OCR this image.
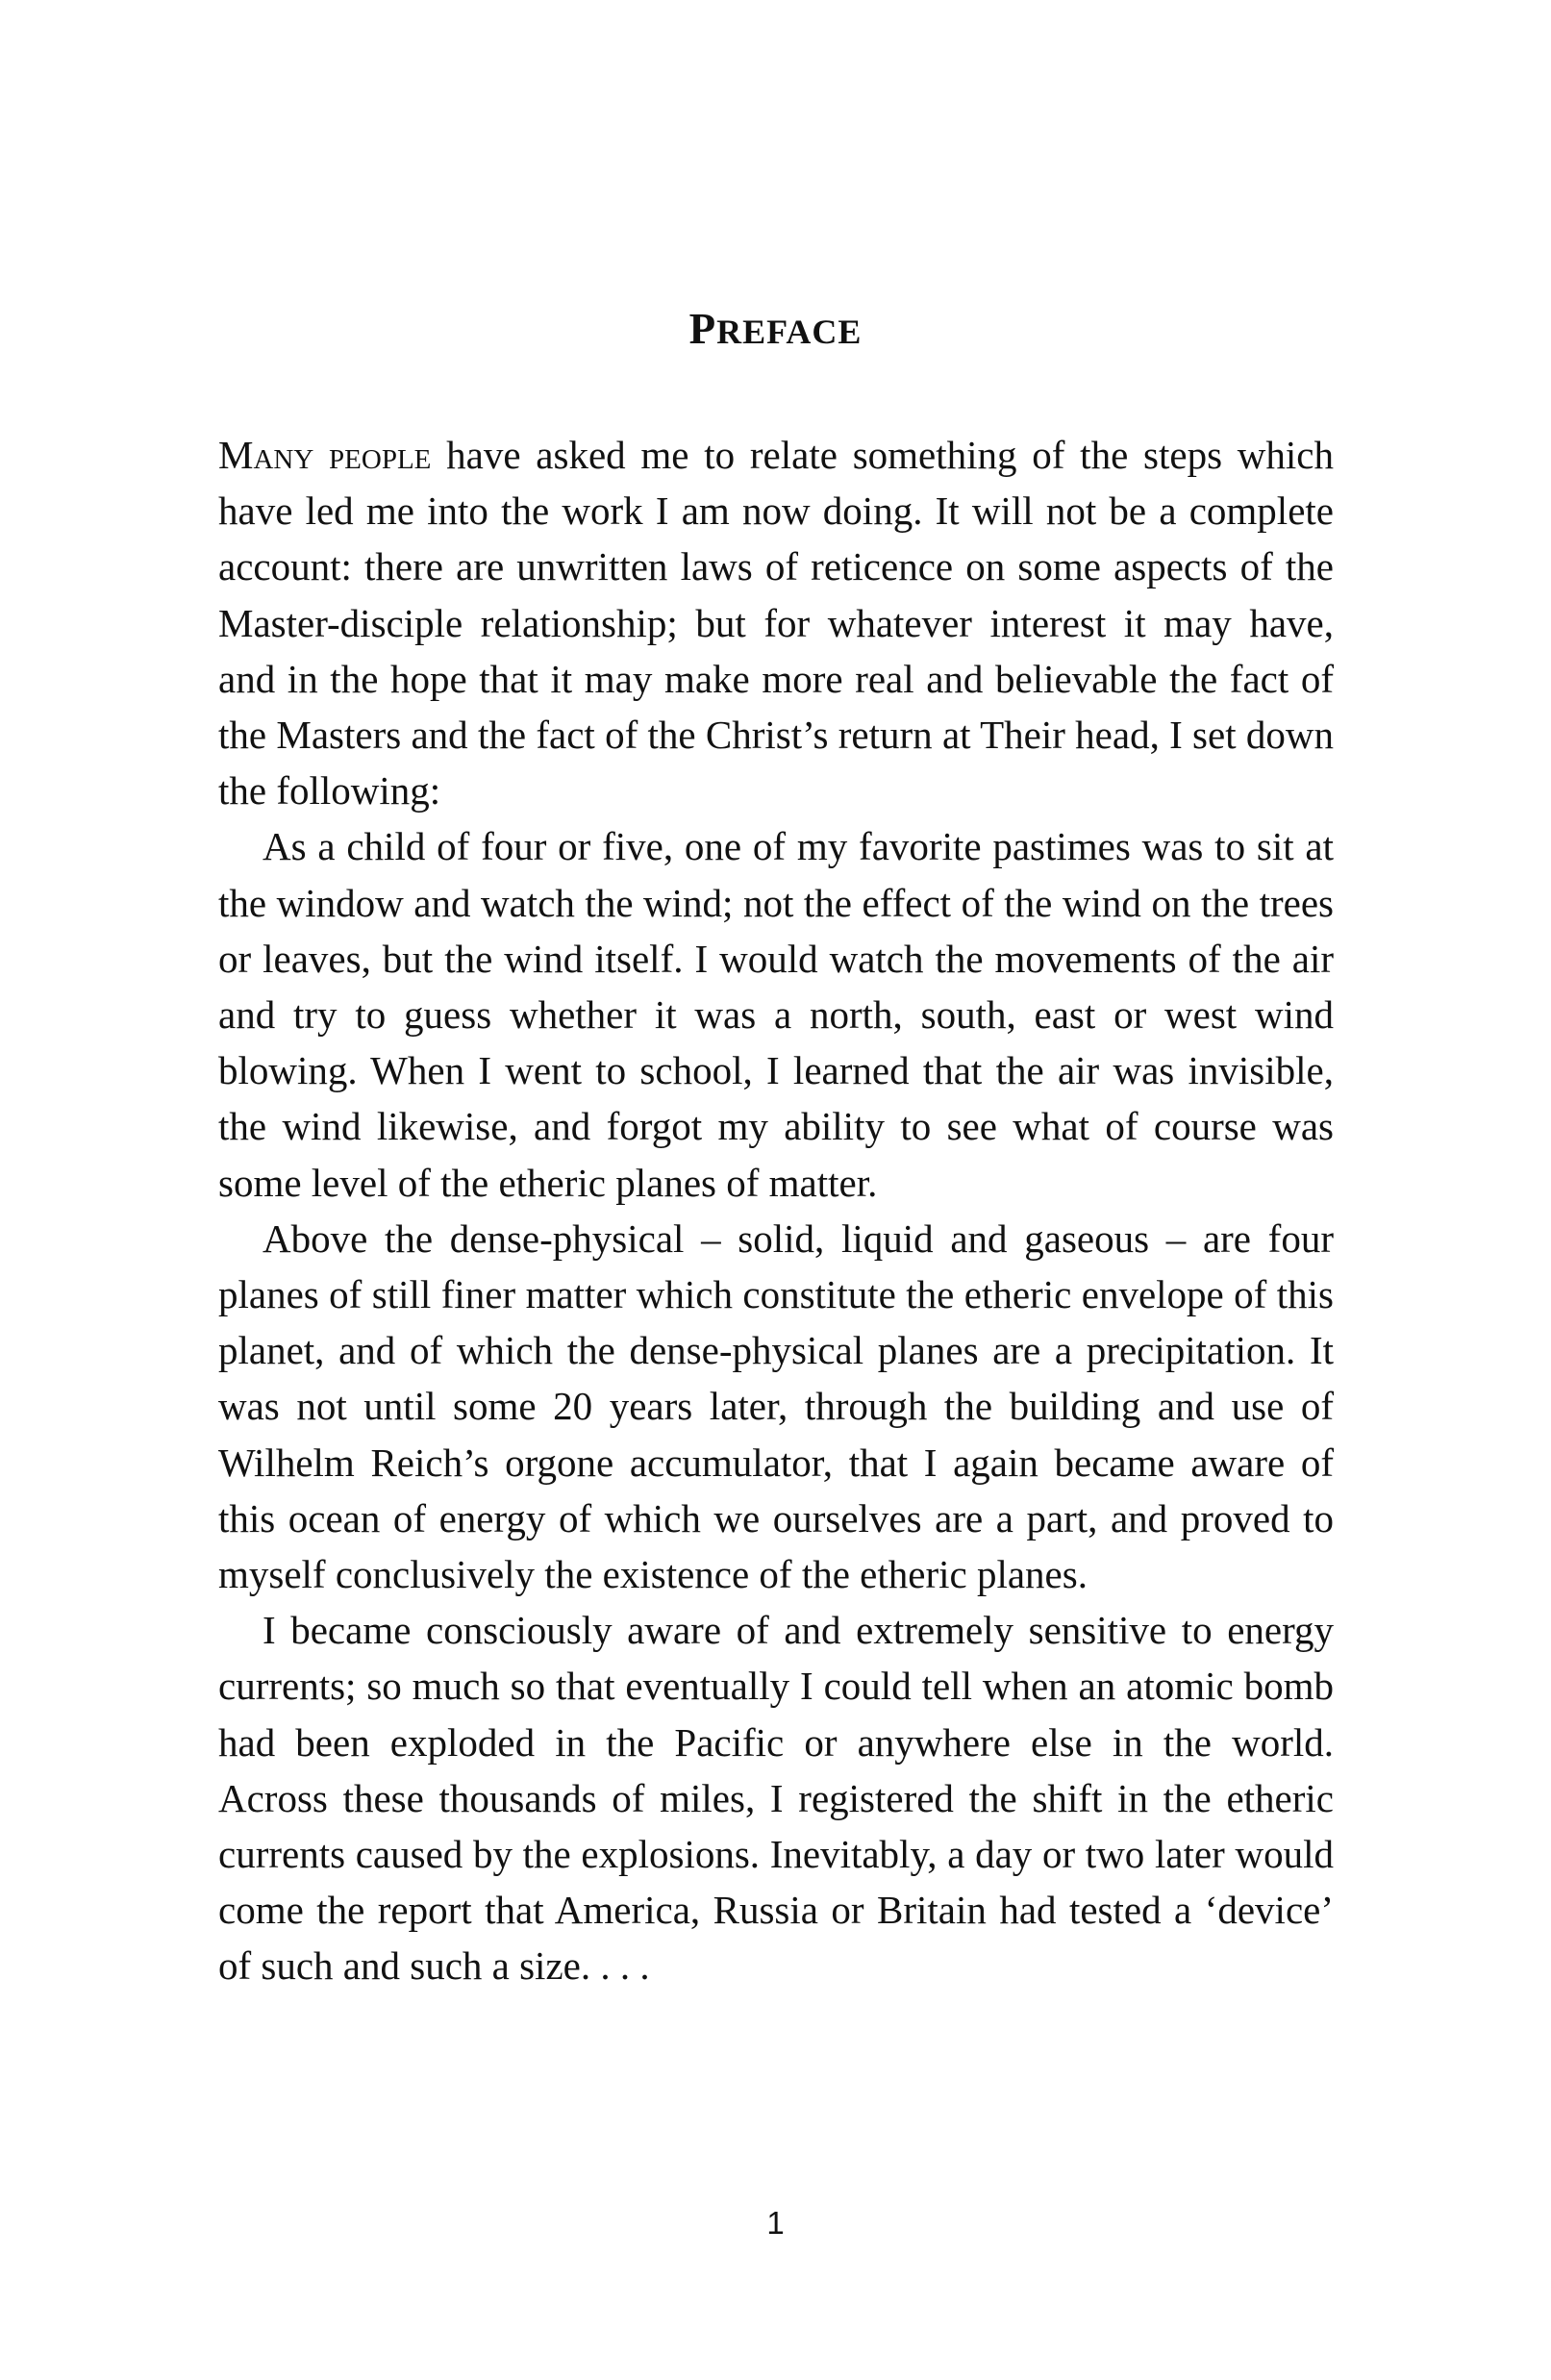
PREFACE

Many people have asked me to relate something of the steps which have led me into the work I am now doing. It will not be a complete account: there are unwritten laws of reticence on some aspects of the Master-disciple relationship; but for whatever interest it may have, and in the hope that it may make more real and believable the fact of the Masters and the fact of the Christ’s return at Their head, I set down the following:

As a child of four or five, one of my favorite pastimes was to sit at the window and watch the wind; not the effect of the wind on the trees or leaves, but the wind itself. I would watch the movements of the air and try to guess whether it was a north, south, east or west wind blowing. When I went to school, I learned that the air was invisible, the wind likewise, and forgot my ability to see what of course was some level of the etheric planes of matter.

Above the dense-physical – solid, liquid and gaseous – are four planes of still finer matter which constitute the etheric envelope of this planet, and of which the dense-physical planes are a precipitation. It was not until some 20 years later, through the building and use of Wilhelm Reich’s orgone accumulator, that I again became aware of this ocean of energy of which we ourselves are a part, and proved to myself conclusively the existence of the etheric planes.

I became consciously aware of and extremely sensitive to energy currents; so much so that eventually I could tell when an atomic bomb had been exploded in the Pacific or anywhere else in the world. Across these thousands of miles, I registered the shift in the etheric currents caused by the explosions. Inevitably, a day or two later would come the report that America, Russia or Britain had tested a ‘device’ of such and such a size. . . .

1
